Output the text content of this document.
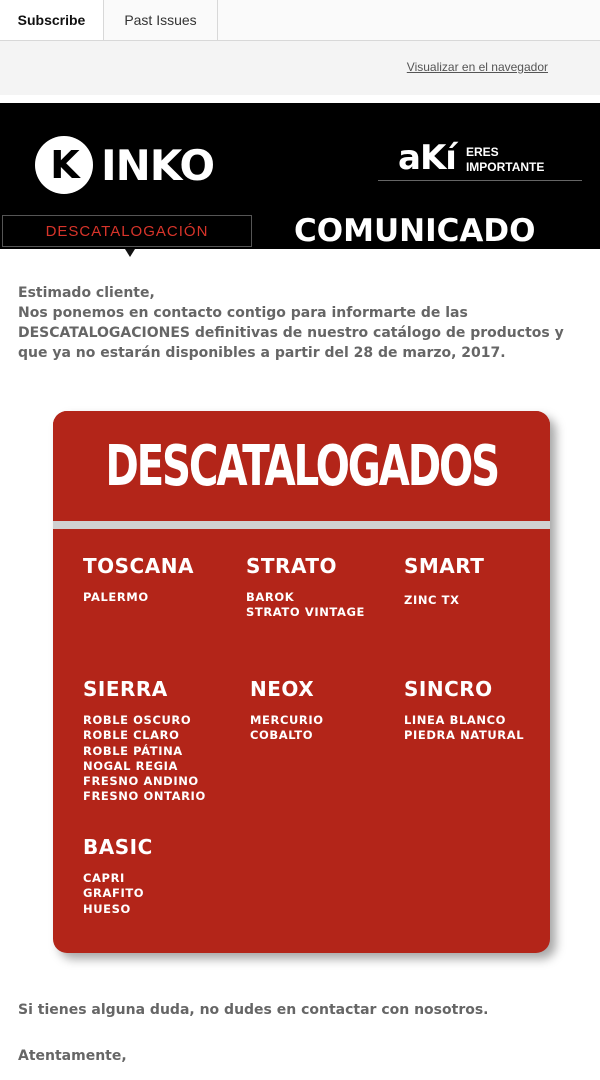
Subscribe	Past Issues
Visualizar en el navegador
K INKO	aKí ERES
IMPORTANTE
DESCATALOGACIÓN	COMUNICADO

Estimado cliente,

Nos ponemos en contacto contigo para informarte de las DESCATALOGACIONES definitivas de nuestro catálogo de productos y que ya no estarán disponibles a partir del 28 de marzo, 2017.

DESCATALOGADOS
TOSCANA
PALERMO
STRATO
BAROK
STRATO VINTAGE
SMART
ZINC TX
SIERRA
ROBLE OSCURO
ROBLE CLARO
ROBLE PÁTINA
NOGAL REGIA
FRESNO ANDINO
FRESNO ONTARIO
NEOX
MERCURIO
COBALTO
SINCRO
LINEA BLANCO
PIEDRA NATURAL
BASIC
CAPRI
GRAFITO
HUESO
Si tienes alguna duda, no dudes en contactar con nosotros.
Atentamente,
